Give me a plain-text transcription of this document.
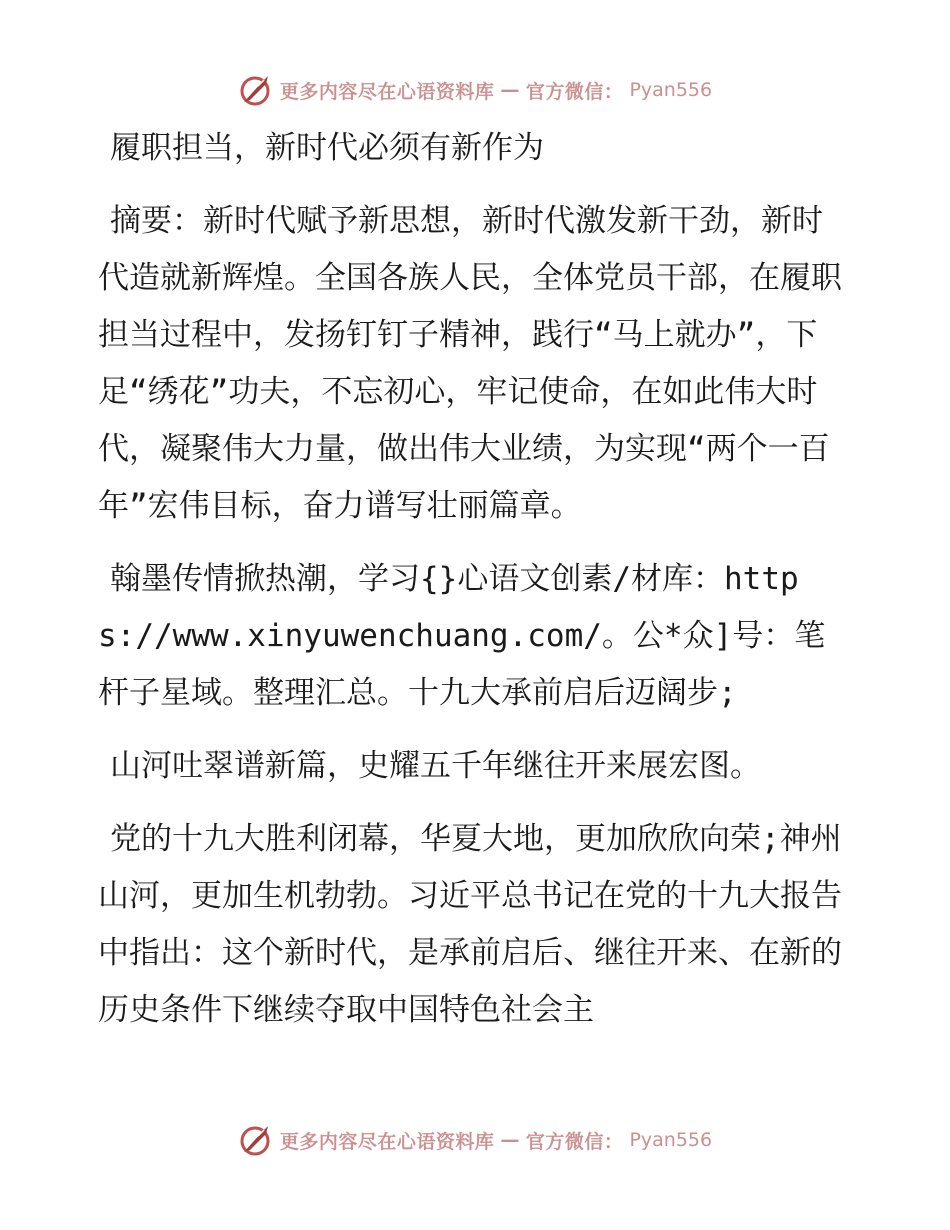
更多内容尽在心语资料库 — 官方微信： Pyan556

履职担当，新时代必须有新作为

摘要：新时代赋予新思想，新时代激发新干劲，新时代造就新辉煌。全国各族人民，全体党员干部，在履职担当过程中，发扬钉钉子精神，践行“马上就办”，下足“绣花”功夫，不忘初心，牢记使命，在如此伟大时代，凝聚伟大力量，做出伟大业绩，为实现“两个一百年”宏伟目标，奋力谱写壮丽篇章。

翰墨传情掀热潮，学习{}心语文创素/材库：https://www.xinyuwenchuang.com/。公*众]号：笔杆子星域。整理汇总。十九大承前启后迈阔步;

山河吐翠谱新篇，史耀五千年继往开来展宏图。

党的十九大胜利闭幕，华夏大地，更加欣欣向荣;神州山河，更加生机勃勃。习近平总书记在党的十九大报告中指出：这个新时代，是承前启后、继往开来、在新的历史条件下继续夺取中国特色社会主

更多内容尽在心语资料库 — 官方微信： Pyan556
